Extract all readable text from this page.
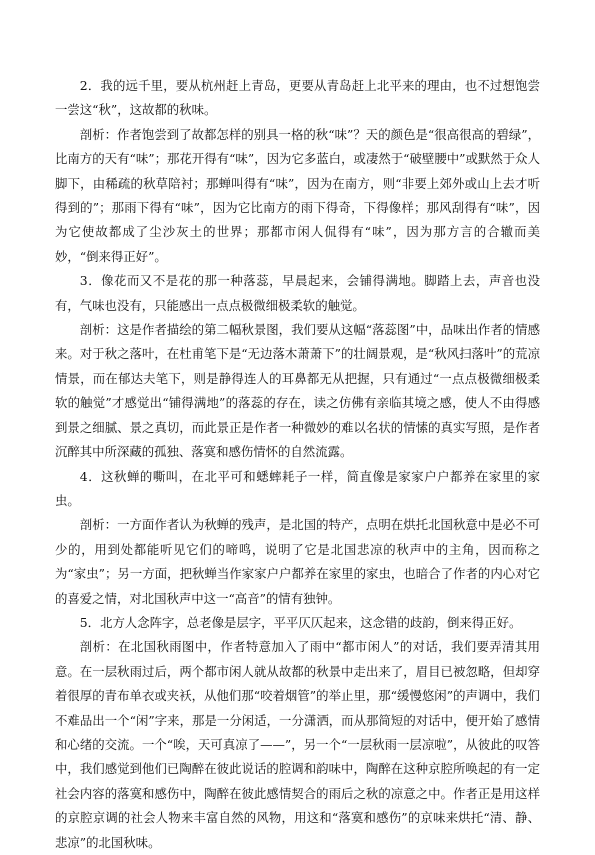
2．我的远千里，要从杭州赶上青岛，更要从青岛赶上北平来的理由，也不过想饱尝一尝这“秋”，这故都的秋味。

剖析：作者饱尝到了故都怎样的别具一格的秋“味”？天的颜色是“很高很高的碧绿”，比南方的天有“味”；那花开得有“味”，因为它多蓝白，或凄然于“破壁腰中”或默然于众人脚下，由稀疏的秋草陪衬；那蝉叫得有“味”，因为在南方，则“非要上郊外或山上去才听得到的”；那雨下得有“味”，因为它比南方的雨下得奇，下得像样；那风刮得有“味”，因为它使故都成了尘沙灰土的世界；那都市闲人侃得有“味”，因为那方言的合辙而美妙，“倒来得正好”。

3．像花而又不是花的那一种落蕊，早晨起来，会铺得满地。脚踏上去，声音也没有，气味也没有，只能感出一点点极微细极柔软的触觉。

剖析：这是作者描绘的第二幅秋景图，我们要从这幅“落蕊图”中，品味出作者的情感来。对于秋之落叶，在杜甫笔下是“无边落木萧萧下”的壮阔景观，是“秋风扫落叶”的荒凉情景，而在郁达夫笔下，则是静得连人的耳鼻都无从把握，只有通过“一点点极微细极柔软的触觉”才感觉出“铺得满地”的落蕊的存在，读之仿佛有亲临其境之感，使人不由得感到景之细腻、景之真切，而此景正是作者一种微妙的难以名状的情愫的真实写照，是作者沉醉其中所深藏的孤独、落寞和感伤情怀的自然流露。

4．这秋蝉的嘶叫，在北平可和蟋蟀耗子一样，简直像是家家户户都养在家里的家虫。

剖析：一方面作者认为秋蝉的残声，是北国的特产，点明在烘托北国秋意中是必不可少的，用到处都能听见它们的啼鸣，说明了它是北国悲凉的秋声中的主角，因而称之为“家虫”；另一方面，把秋蝉当作家家户户都养在家里的家虫，也暗合了作者的内心对它的喜爱之情，对北国秋声中这一“高音”的情有独钟。

5．北方人念阵字，总老像是层字，平平仄仄起来，这念错的歧韵，倒来得正好。

剖析：在北国秋雨图中，作者特意加入了雨中“都市闲人”的对话，我们要弄清其用意。在一层秋雨过后，两个都市闲人就从故都的秋景中走出来了，眉目已被忽略，但却穿着很厚的青布单衣或夹袄，从他们那“咬着烟管”的举止里，那“缓慢悠闲”的声调中，我们不难品出一个“闲”字来，那是一分闲适，一分潇洒，而从那简短的对话中，便开始了感情和心绪的交流。一个“唉，天可真凉了——”，另一个“一层秋雨一层凉啦”，从彼此的叹答中，我们感觉到他们已陶醉在彼此说话的腔调和韵味中，陶醉在这种京腔所唤起的有一定社会内容的落寞和感伤中，陶醉在彼此感情契合的雨后之秋的凉意之中。作者正是用这样的京腔京调的社会人物来丰富自然的风物，用这和“落寞和感伤”的京味来烘托“清、静、悲凉”的北国秋味。
